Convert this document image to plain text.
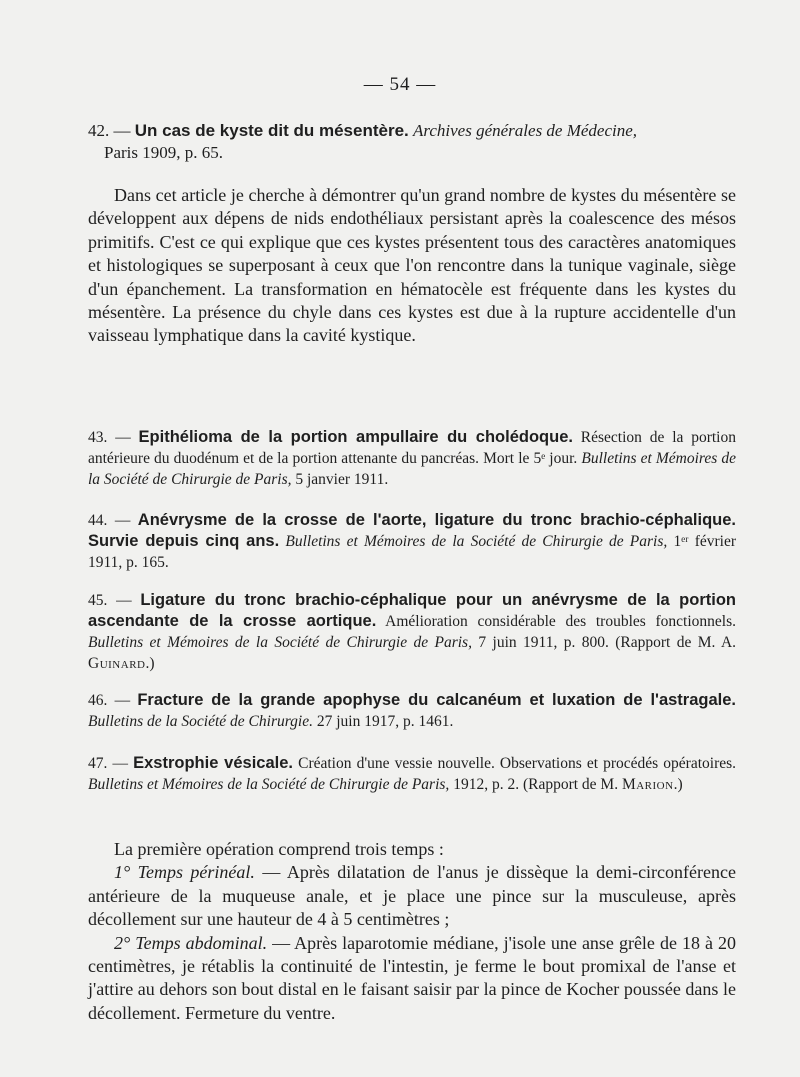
— 54 —
42. — Un cas de kyste dit du mésentère. Archives générales de Médecine,
Paris 1909, p. 65.

Dans cet article je cherche à démontrer qu'un grand nombre de kystes du mésentère se développent aux dépens de nids endothéliaux persistant après la coalescence des mésos primitifs. C'est ce qui explique que ces kystes présentent tous des caractères anatomiques et histologiques se superposant à ceux que l'on rencontre dans la tunique vaginale, siège d'un épanchement. La transformation en hématocèle est fréquente dans les kystes du mésentère. La présence du chyle dans ces kystes est due à la rupture accidentelle d'un vaisseau lymphatique dans la cavité kystique.

43. — Epithélioma de la portion ampullaire du cholédoque. Résection de la portion antérieure du duodénum et de la portion attenante du pancréas. Mort le 5ᵉ jour. Bulletins et Mémoires de la Société de Chirurgie de Paris, 5 janvier 1911.
44. — Anévrysme de la crosse de l'aorte, ligature du tronc brachio-céphalique. Survie depuis cinq ans. Bulletins et Mémoires de la Société de Chirurgie de Paris, 1ᵉʳ février 1911, p. 165.
45. — Ligature du tronc brachio-céphalique pour un anévrysme de la portion ascendante de la crosse aortique. Amélioration considérable des troubles fonctionnels. Bulletins et Mémoires de la Société de Chirurgie de Paris, 7 juin 1911, p. 800. (Rapport de M. A. Guinard.)
46. — Fracture de la grande apophyse du calcanéum et luxation de l'astragale. Bulletins de la Société de Chirurgie. 27 juin 1917, p. 1461.
47. — Exstrophie vésicale. Création d'une vessie nouvelle. Observations et procédés opératoires. Bulletins et Mémoires de la Société de Chirurgie de Paris, 1912, p. 2. (Rapport de M. Marion.)

La première opération comprend trois temps :

1° Temps périnéal. — Après dilatation de l'anus je dissèque la demi-circonférence antérieure de la muqueuse anale, et je place une pince sur la musculeuse, après décollement sur une hauteur de 4 à 5 centimètres ;

2° Temps abdominal. — Après laparotomie médiane, j'isole une anse grêle de 18 à 20 centimètres, je rétablis la continuité de l'intestin, je ferme le bout promixal de l'anse et j'attire au dehors son bout distal en le faisant saisir par la pince de Kocher poussée dans le décollement. Fermeture du ventre.
